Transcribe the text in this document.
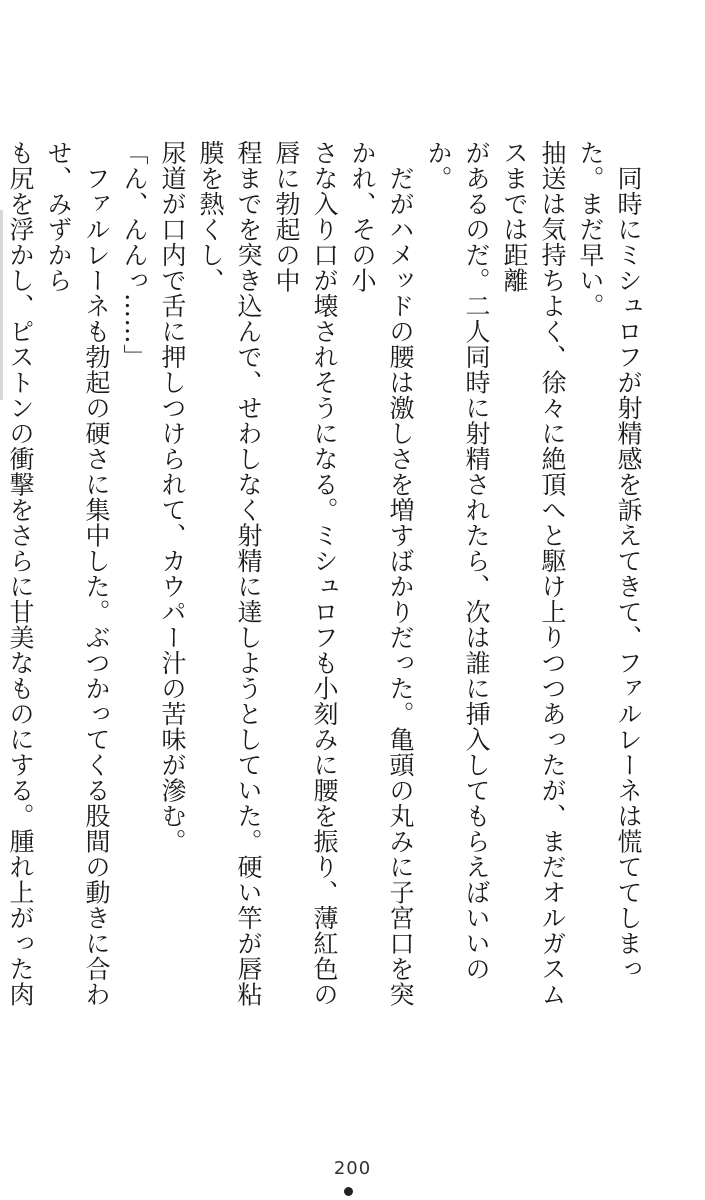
　同時にミシュロフが射精感を訴えてきて、ファルレーネは慌ててしまった。まだ早い。

抽送は気持ちよく、徐々に絶頂へと駆け上りつつあったが、まだオルガスムスまでは距離

があるのだ。二人同時に射精されたら、次は誰に挿入してもらえばいいのか。

　だがハメッドの腰は激しさを増すばかりだった。亀頭の丸みに子宮口を突かれ、その小

さな入り口が壊されそうになる。ミシュロフも小刻みに腰を振り、薄紅色の唇に勃起の中

程までを突き込んで、せわしなく射精に達しようとしていた。硬い竿が唇粘膜を熱くし、

尿道が口内で舌に押しつけられて、カウパー汁の苦味が滲む。

「ん、んんっ……」

　ファルレーネも勃起の硬さに集中した。ぶつかってくる股間の動きに合わせ、みずから

も尻を浮かし、ピストンの衝撃をさらに甘美なものにする。腫れ上がった肉

200
